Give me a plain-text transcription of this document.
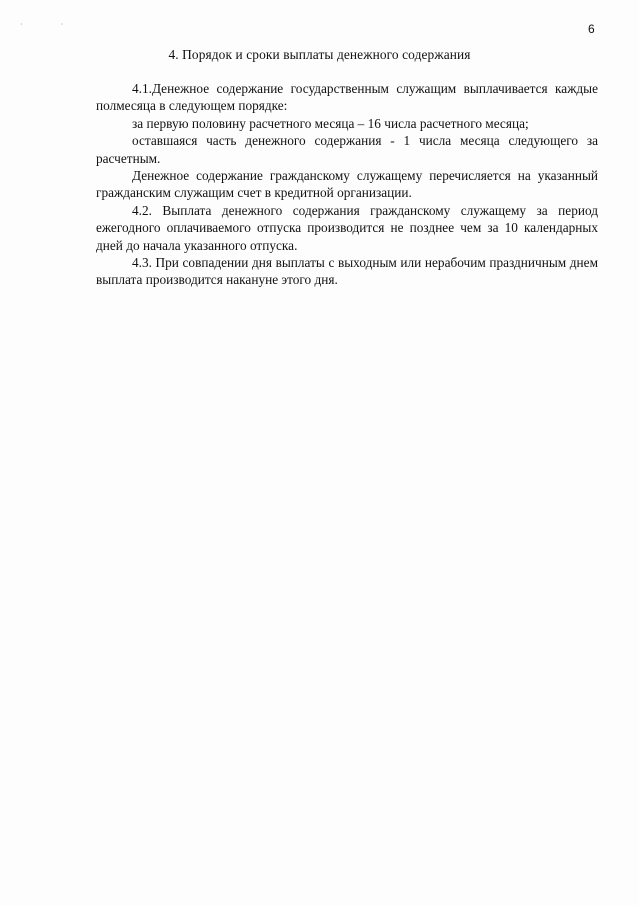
· ·	6
4. Порядок и сроки выплаты денежного содержания

4.1.Денежное содержание государственным служащим выплачивается каждые полмесяца в следующем порядке:

за первую половину расчетного месяца – 16 числа расчетного месяца;

оставшаяся часть денежного содержания - 1 числа месяца следующего за расчетным.

Денежное содержание гражданскому служащему перечисляется на указанный гражданским служащим счет в кредитной организации.

4.2. Выплата денежного содержания гражданскому служащему за период ежегодного оплачиваемого отпуска производится не позднее чем за 10 календарных дней до начала указанного отпуска.

4.3. При совпадении дня выплаты с выходным или нерабочим праздничным днем выплата производится накануне этого дня.
